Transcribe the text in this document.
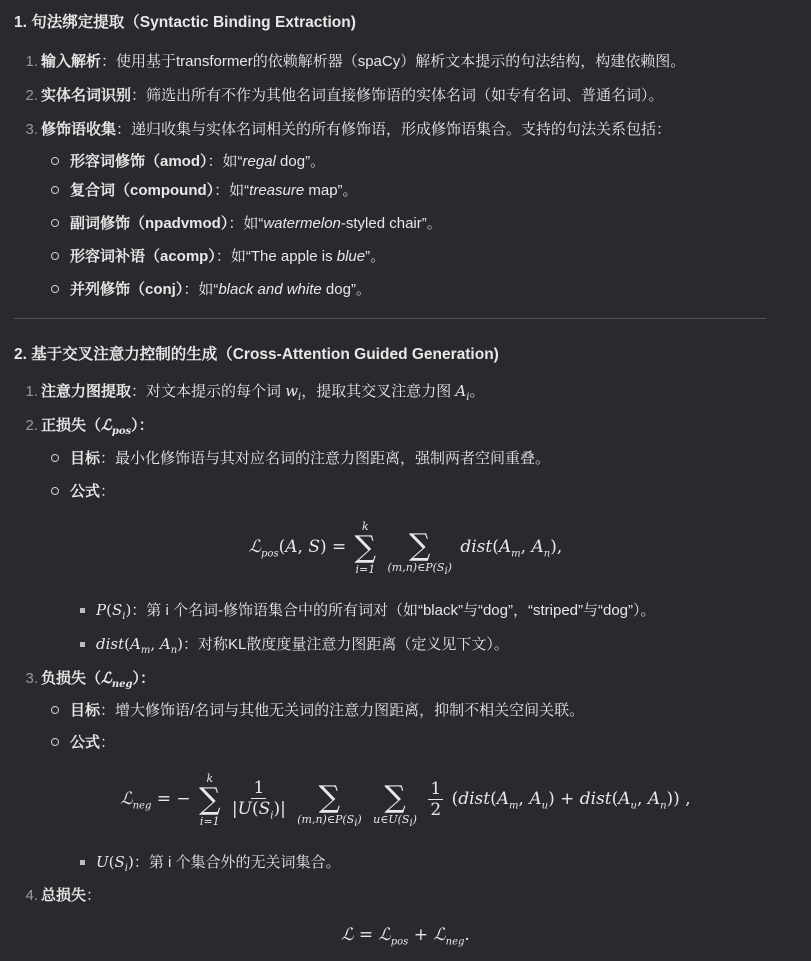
1. 句法绑定提取（Syntactic Binding Extraction)
1. 输入解析：使用基于transformer的依赖解析器（spaCy）解析文本提示的句法结构，构建依赖图。
2. 实体名词识别：筛选出所有不作为其他名词直接修饰语的实体名词（如专有名词、普通名词）。
3. 修饰语收集：递归收集与实体名词相关的所有修饰语，形成修饰语集合。支持的句法关系包括：
形容词修饰（amod）：如“regal dog”。
复合词（compound）：如“treasure map”。
副词修饰（npadvmod）：如“watermelon-styled chair”。
形容词补语（acomp）：如“The apple is blue”。
并列修饰（conj）：如“black and white dog”。
2. 基于交叉注意力控制的生成（Cross-Attention Guided Generation)
1. 注意力图提取：对文本提示的每个词 $w_i$，提取其交叉注意力图 $A_i$。
2. 正损失（ℒ$_{pos}$）：
目标：最小化修饰语与其对应名词的注意力图距离，强制两者空间重叠。
公式：
ℒ$_{pos}$(A, S) =
k
∑
i=1

∑
$(m,n)\in P(S_i)$
$dist(A_m$, $A_n$),
$P(S_i)$：第 i 个名词-修饰语集合中的所有词对（如“black”与“dog”，“striped”与“dog”）。
$dist(A_m$, $A_n$)：对称KL散度度量注意力图距离（定义见下文）。
3. 负损失（ℒ$_{neg}$）：
目标：增大修饰语/名词与其他无关词的注意力图距离，抑制不相关空间关联。
公式：
ℒ$_{neg}$ = −
k
∑
i=1
$\frac{1}{|U(S_i)|}$

∑
$(m,n)\in P(S_i)$

∑
$u\in U(S_i)$
$\frac{1}{2}$ ($dist(A_m$, $A_u$) + $dist(A_u$, $A_n$)) ,
$U(S_i)$：第 i 个集合外的无关词集合。
4. 总损失：
ℒ = ℒ$_{pos}$ + ℒ$_{neg}$.
